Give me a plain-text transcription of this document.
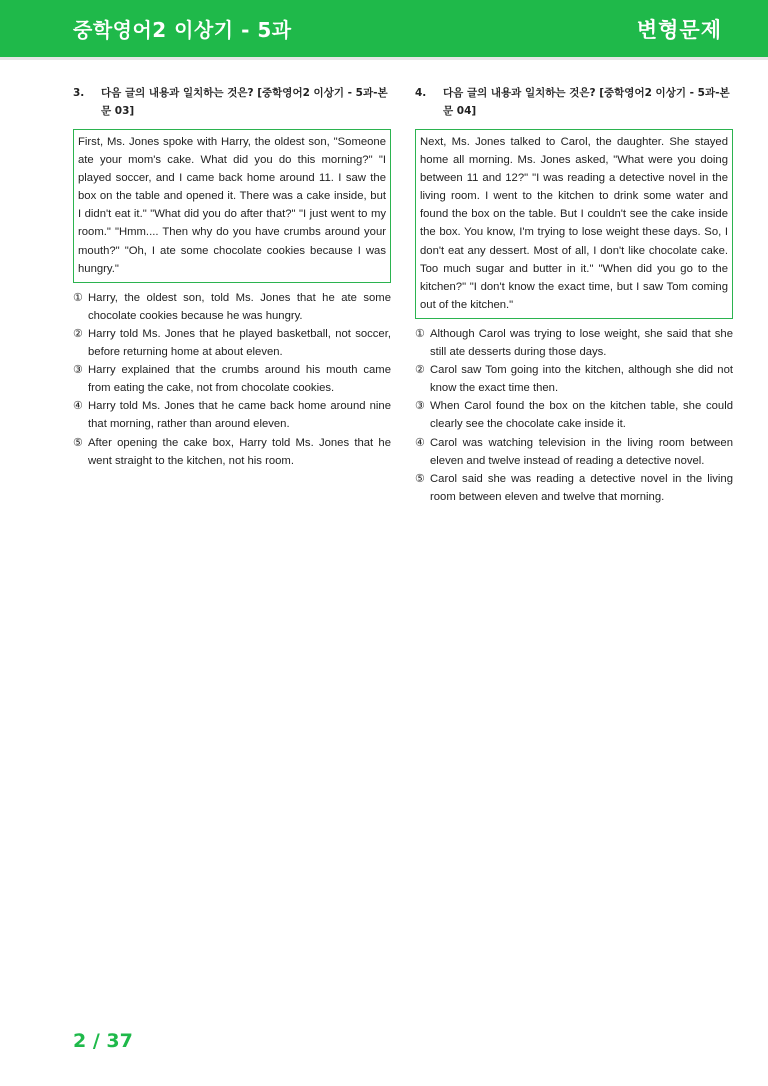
중학영어2 이상기 - 5과	변형문제
3.	다음 글의 내용과 일치하는 것은? [중학영어2 이상기 - 5과-본문 03]
First, Ms. Jones spoke with Harry, the oldest son, "Someone ate your mom's cake. What did you do this morning?" "I played soccer, and I came back home around 11. I saw the box on the table and opened it. There was a cake inside, but I didn't eat it." "What did you do after that?" "I just went to my room." "Hmm.... Then why do you have crumbs around your mouth?" "Oh, I ate some chocolate cookies because I was hungry."
① Harry, the oldest son, told Ms. Jones that he ate some chocolate cookies because he was hungry.
② Harry told Ms. Jones that he played basketball, not soccer, before returning home at about eleven.
③ Harry explained that the crumbs around his mouth came from eating the cake, not from chocolate cookies.
④ Harry told Ms. Jones that he came back home around nine that morning, rather than around eleven.
⑤ After opening the cake box, Harry told Ms. Jones that he went straight to the kitchen, not his room.
4.	다음 글의 내용과 일치하는 것은? [중학영어2 이상기 - 5과-본문 04]
Next, Ms. Jones talked to Carol, the daughter. She stayed home all morning. Ms. Jones asked, "What were you doing between 11 and 12?" "I was reading a detective novel in the living room. I went to the kitchen to drink some water and found the box on the table. But I couldn't see the cake inside the box. You know, I'm trying to lose weight these days. So, I don't eat any dessert. Most of all, I don't like chocolate cake. Too much sugar and butter in it." "When did you go to the kitchen?" "I don't know the exact time, but I saw Tom coming out of the kitchen."
① Although Carol was trying to lose weight, she said that she still ate desserts during those days.
② Carol saw Tom going into the kitchen, although she did not know the exact time then.
③ When Carol found the box on the kitchen table, she could clearly see the chocolate cake inside it.
④ Carol was watching television in the living room between eleven and twelve instead of reading a detective novel.
⑤ Carol said she was reading a detective novel in the living room between eleven and twelve that morning.
2 / 37
